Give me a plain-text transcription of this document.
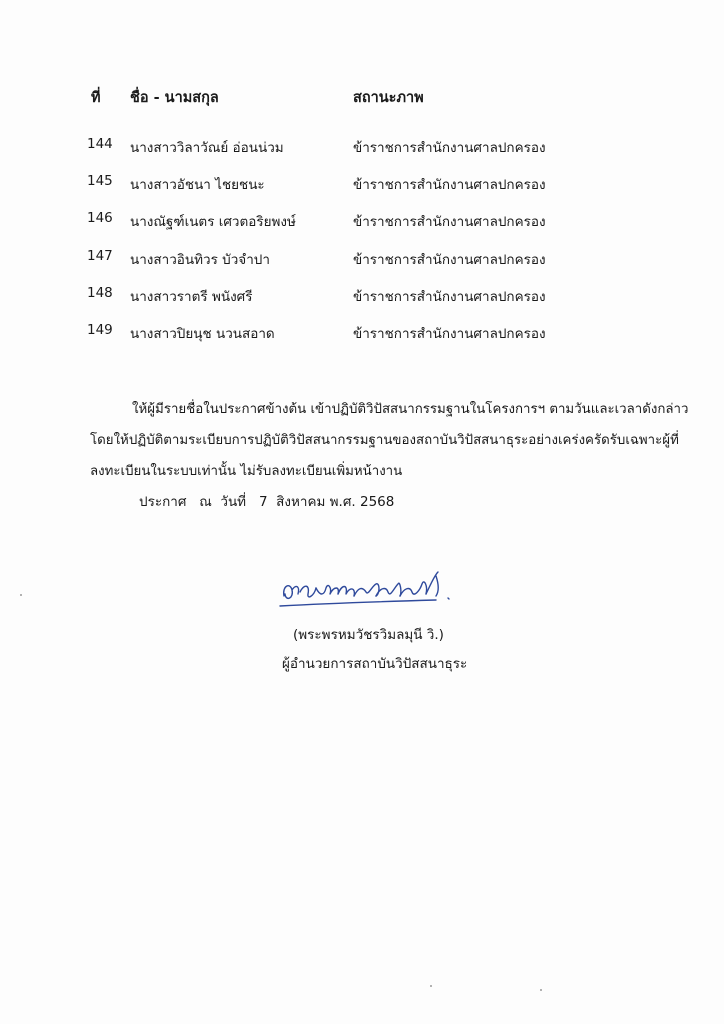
ที่ ชื่อ - นามสกุล	สถานะภาพ
144 นางสาววิลาวัณย์ อ่อนน่วม	ข้าราชการสำนักงานศาลปกครอง
145 นางสาวอัชนา ไชยชนะ	ข้าราชการสำนักงานศาลปกครอง
146 นางณัฐฑ์เนตร เศวตอริยพงษ์	ข้าราชการสำนักงานศาลปกครอง
147 นางสาวอินทิวร บัวจำปา	ข้าราชการสำนักงานศาลปกครอง
148 นางสาวราตรี พนังศรี	ข้าราชการสำนักงานศาลปกครอง
149 นางสาวปิยนุช นวนสอาด	ข้าราชการสำนักงานศาลปกครอง
ให้ผู้มีรายชื่อในประกาศข้างต้น เข้าปฏิบัติวิปัสสนากรรมฐานในโครงการฯ ตามวันและเวลาดังกล่าว
โดยให้ปฏิบัติตามระเบียบการปฏิบัติวิปัสสนากรรมฐานของสถาบันวิปัสสนาธุระอย่างเคร่งครัดรับเฉพาะผู้ที่
ลงทะเบียนในระบบเท่านั้น ไม่รับลงทะเบียนเพิ่มหน้างาน
ประกาศ   ณ  วันที่   7  สิงหาคม พ.ศ. 2568
(พระพรหมวัชรวิมลมุนี วิ.)
ผู้อำนวยการสถาบันวิปัสสนาธุระ
